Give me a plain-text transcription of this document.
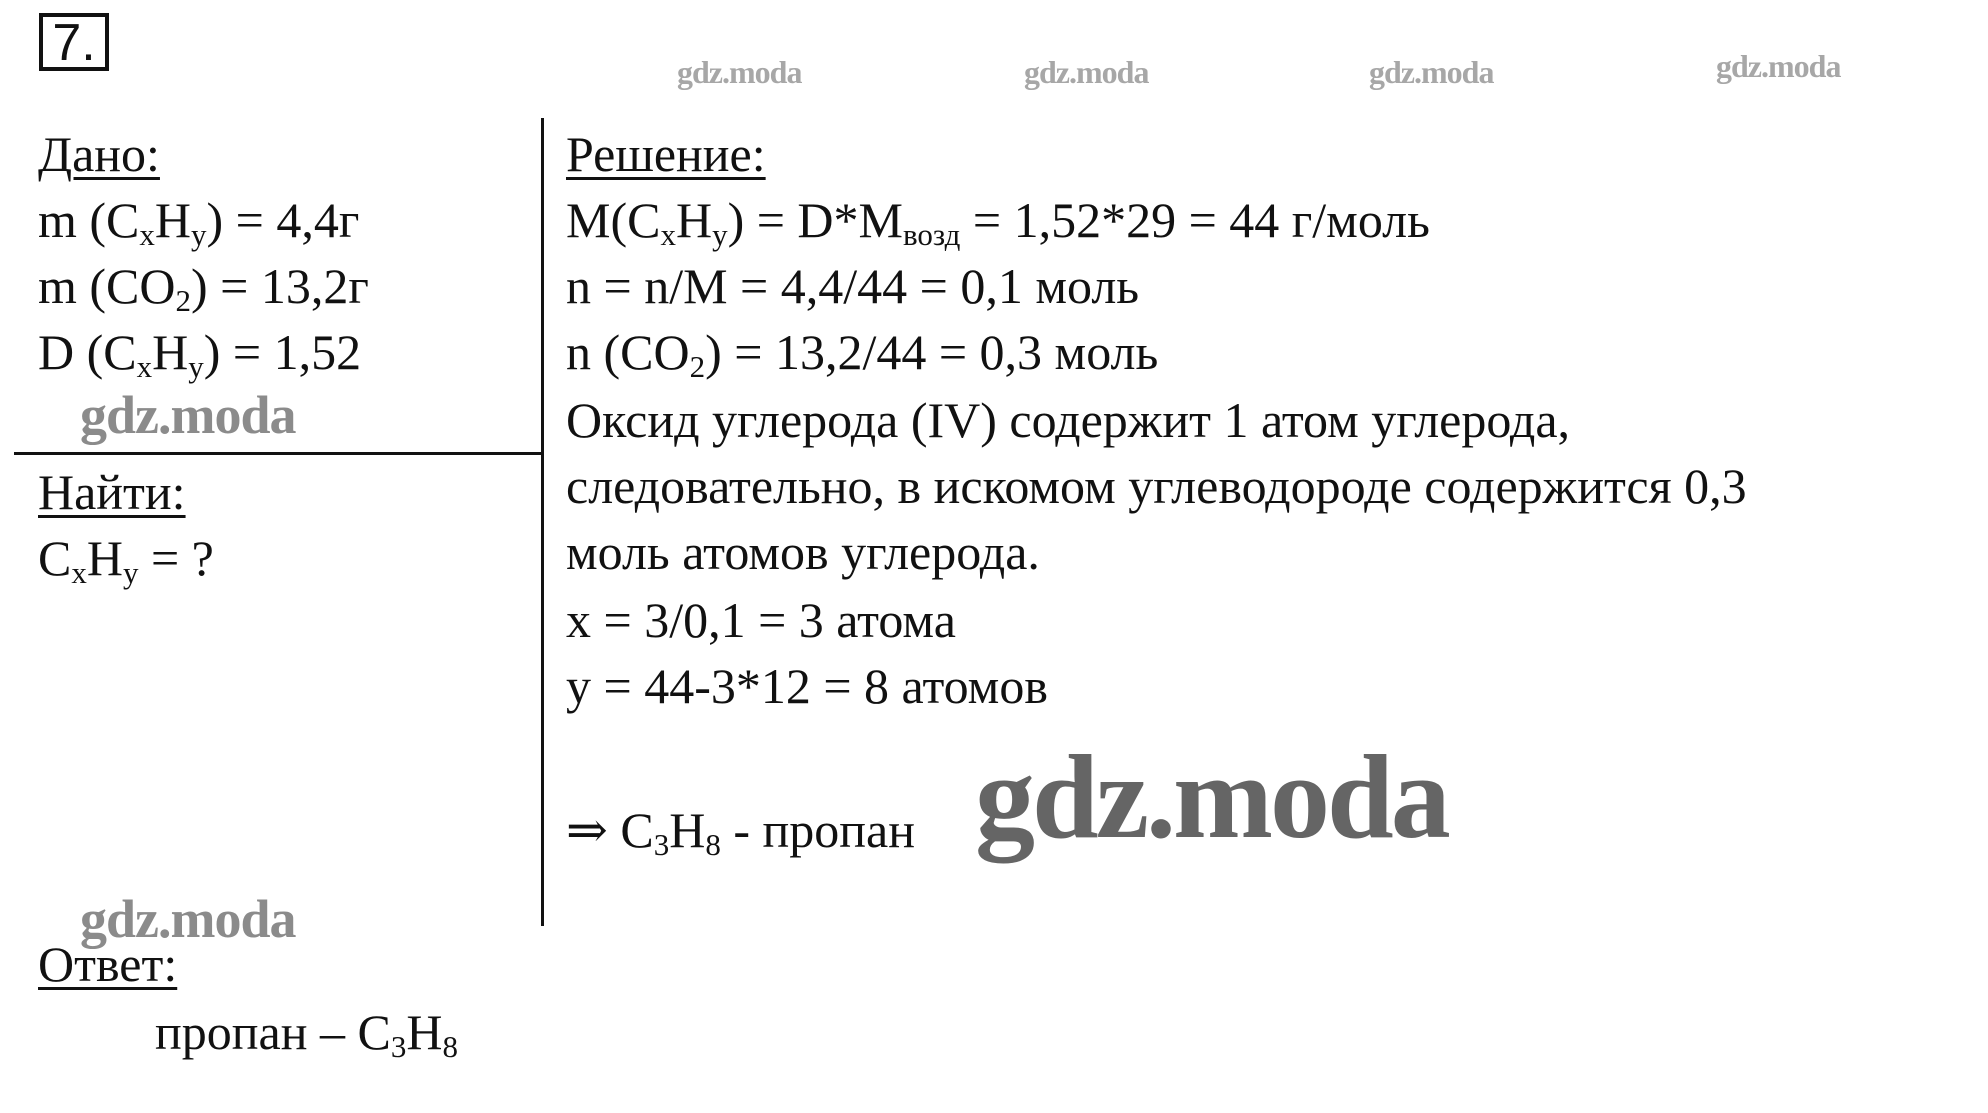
7.	gdz.moda	gdz.moda	gdz.moda	gdz.moda
Дано:
m $(C_xH_y) = 4,4г$
m $(CO_2) = 13,2г$
D $(C_xH_y) = 1,52$
gdz.moda
Найти:
$C_xH_y$ = ?
gdz.moda
Ответ:
пропан – $C_3H_8$
Решение:
$M(C_xH_y) = D*M_{возд} = 1,52*29 = 44$ г/моль
n = n/M = 4,4/44 = 0,1 моль
n $(CO_2) = 13,2/44 = 0,3$ моль
Оксид углерода (IV) содержит 1 атом углерода,
следовательно, в искомом углеводороде содержится 0,3
моль атомов углерода.
x = 3/0,1 = 3 атома
y = 44-3*12 = 8 атомов
⇒ $C_3H_8$ - пропан gdz.moda
